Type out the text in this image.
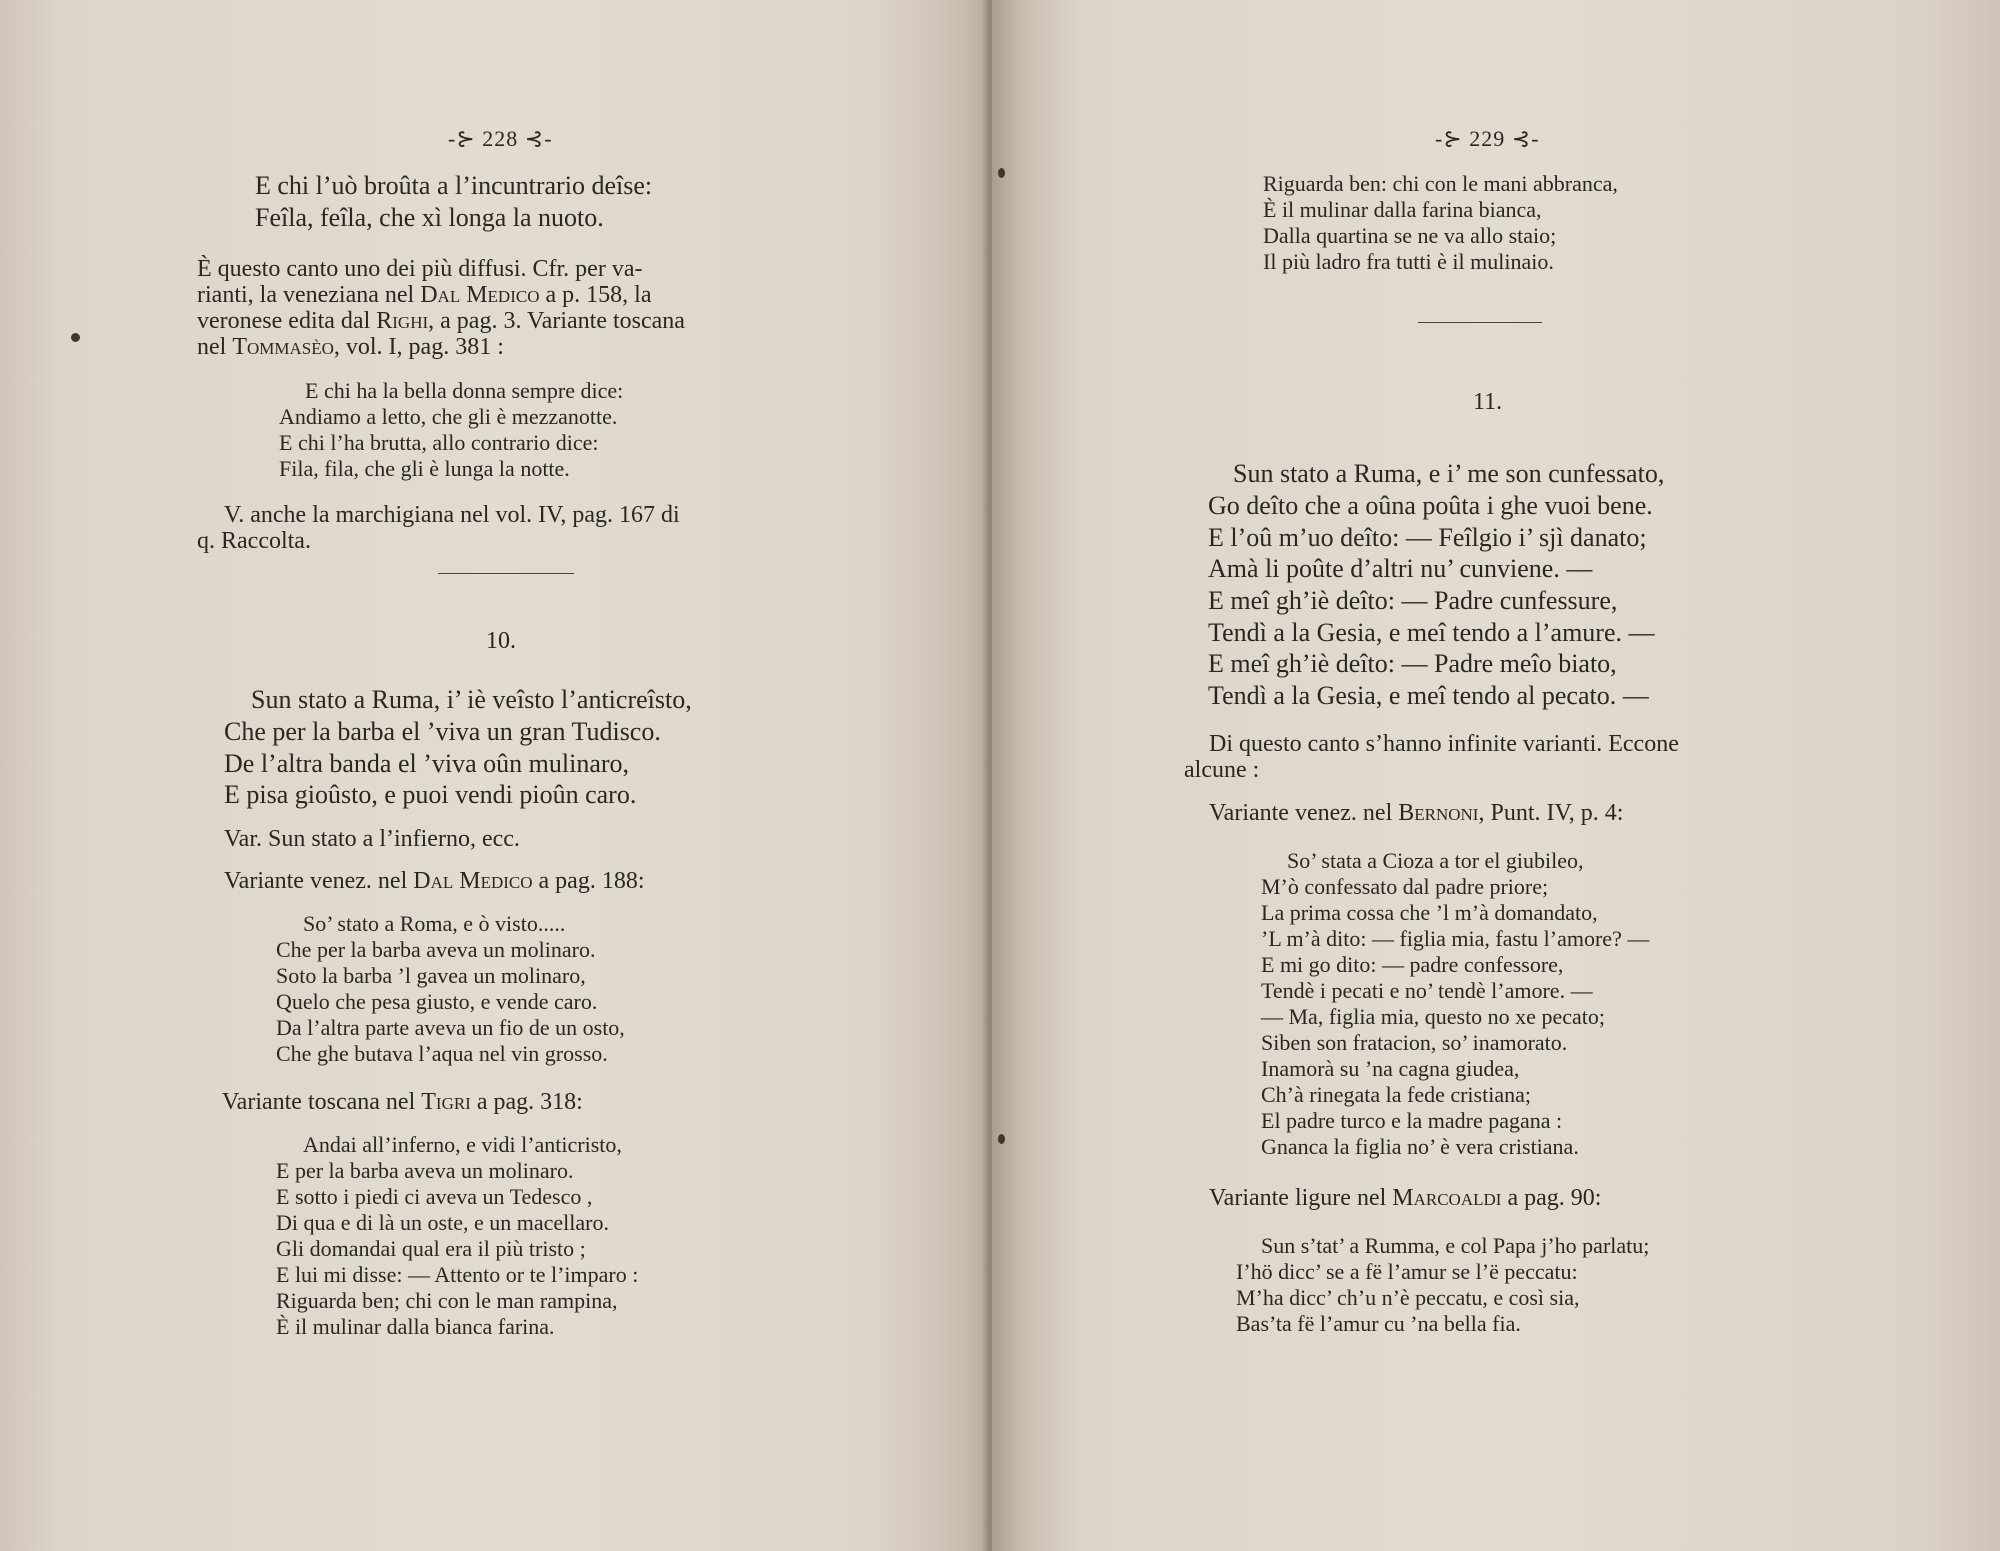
-⊱ 228 ⊰-
E chi l’uò broûta a l’incuntrario deîse:
Feîla, feîla, che xì longa la nuoto.
È questo canto uno dei più diffusi. Cfr. per va-
rianti, la veneziana nel Dal Medico a p. 158, la
veronese edita dal Righi, a pag. 3. Variante toscana
nel Tommasèo, vol. I, pag. 381 :
E chi ha la bella donna sempre dice:
Andiamo a letto, che gli è mezzanotte.
E chi l’ha brutta, allo contrario dice:
Fila, fila, che gli è lunga la notte.
V. anche la marchigiana nel vol. IV, pag. 167 di
q. Raccolta.
10.
Sun stato a Ruma, i’ iè veîsto l’anticreîsto,
Che per la barba el ’viva un gran Tudisco.
De l’altra banda el ’viva oûn mulinaro,
E pisa gioûsto, e puoi vendi pioûn caro.
Var. Sun stato a l’infierno, ecc.
Variante venez. nel Dal Medico a pag. 188:
So’ stato a Roma, e ò visto.....
Che per la barba aveva un molinaro.
Soto la barba ’l gavea un molinaro,
Quelo che pesa giusto, e vende caro.
Da l’altra parte aveva un fio de un osto,
Che ghe butava l’aqua nel vin grosso.
Variante toscana nel Tigri a pag. 318:
Andai all’inferno, e vidi l’anticristo,
E per la barba aveva un molinaro.
E sotto i piedi ci aveva un Tedesco ,
Di qua e di là un oste, e un macellaro.
Gli domandai qual era il più tristo ;
E lui mi disse: — Attento or te l’imparo :
Riguarda ben; chi con le man rampina,
È il mulinar dalla bianca farina.
-⊱ 229 ⊰-
Riguarda ben: chi con le mani abbranca,
È il mulinar dalla farina bianca,
Dalla quartina se ne va allo staio;
Il più ladro fra tutti è il mulinaio.
11.
Sun stato a Ruma, e i’ me son cunfessato,
Go deîto che a oûna poûta i ghe vuoi bene.
E l’oû m’uo deîto: — Feîlgio i’ sjì danato;
Amà li poûte d’altri nu’ cunviene. —
E meî gh’iè deîto: — Padre cunfessure,
Tendì a la Gesia, e meî tendo a l’amure. —
E meî gh’iè deîto: — Padre meîo biato,
Tendì a la Gesia, e meî tendo al pecato. —
Di questo canto s’hanno infinite varianti. Eccone
alcune :
Variante venez. nel Bernoni, Punt. IV, p. 4:
So’ stata a Cioza a tor el giubileo,
M’ò confessato dal padre priore;
La prima cossa che ’l m’à domandato,
’L m’à dito: — figlia mia, fastu l’amore? —
E mi go dito: — padre confessore,
Tendè i pecati e no’ tendè l’amore. —
— Ma, figlia mia, questo no xe pecato;
Siben son fratacion, so’ inamorato.
Inamorà su ’na cagna giudea,
Ch’à rinegata la fede cristiana;
El padre turco e la madre pagana :
Gnanca la figlia no’ è vera cristiana.
Variante ligure nel Marcoaldi a pag. 90:
Sun s’tat’ a Rumma, e col Papa j’ho parlatu;
I’hö dicc’ se a fë l’amur se l’ë peccatu:
M’ha dicc’ ch’u n’è peccatu, e così sia,
Bas’ta fë l’amur cu ’na bella fia.
